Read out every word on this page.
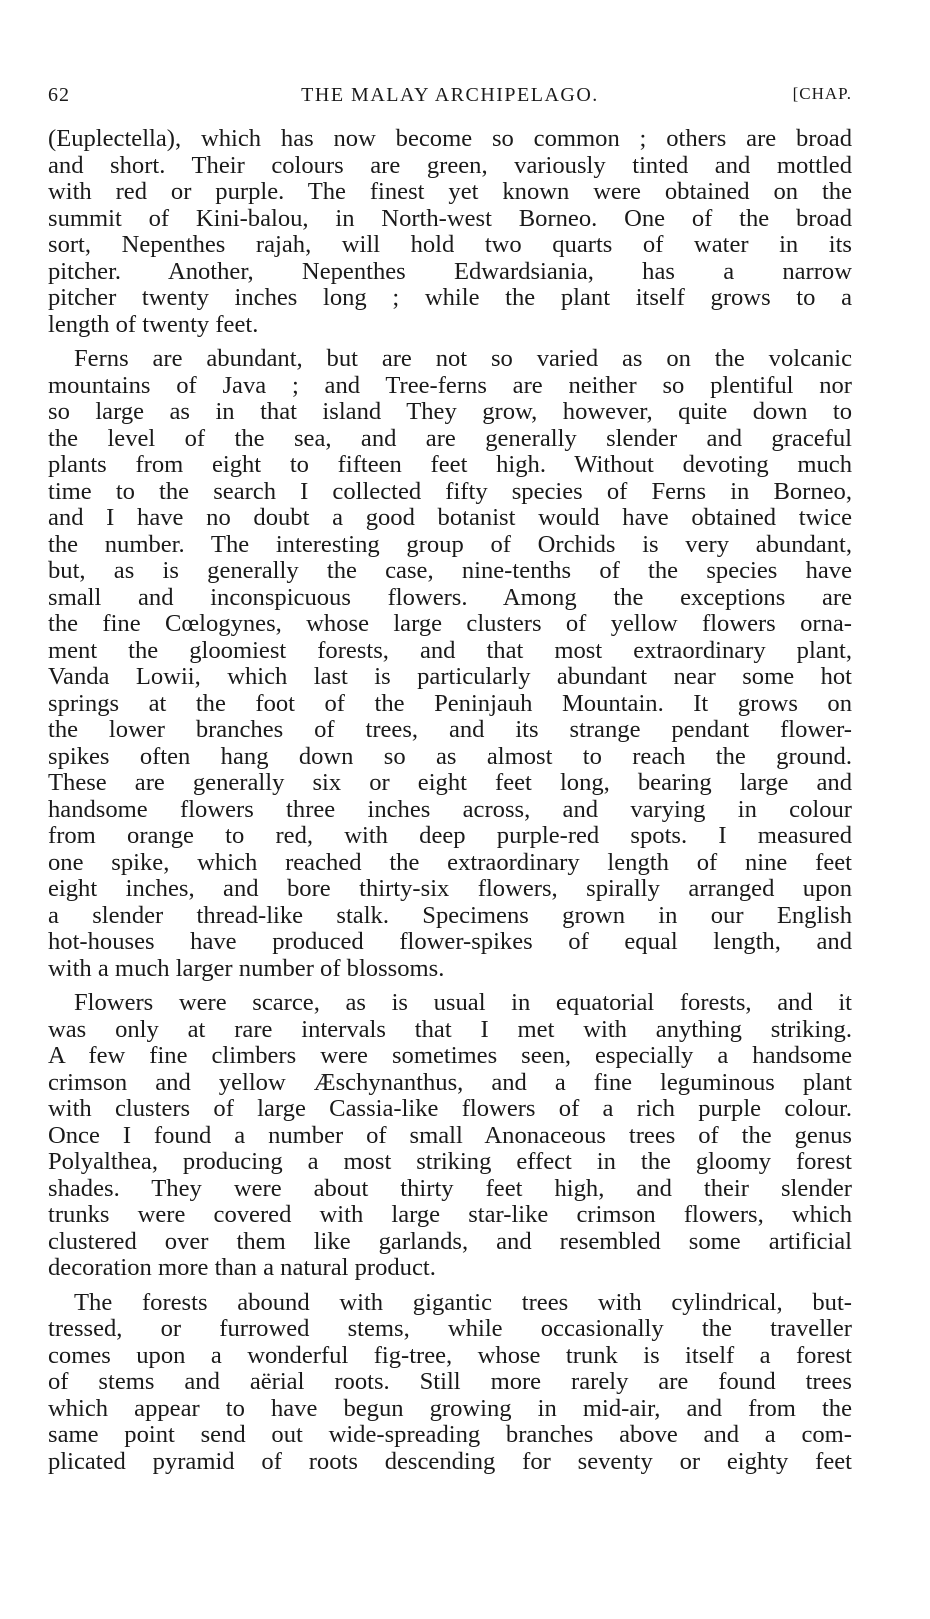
62	THE MALAY ARCHIPELAGO.	[CHAP.
(Euplectella), which has now become so common ; others are broad
and short. Their colours are green, variously tinted and mottled
with red or purple. The finest yet known were obtained on the
summit of Kini-balou, in North-west Borneo. One of the broad
sort, Nepenthes rajah, will hold two quarts of water in its
pitcher. Another, Nepenthes Edwardsiania, has a narrow
pitcher twenty inches long ; while the plant itself grows to a
length of twenty feet.
Ferns are abundant, but are not so varied as on the volcanic
mountains of Java ; and Tree-ferns are neither so plentiful nor
so large as in that island They grow, however, quite down to
the level of the sea, and are generally slender and graceful
plants from eight to fifteen feet high. Without devoting much
time to the search I collected fifty species of Ferns in Borneo,
and I have no doubt a good botanist would have obtained twice
the number. The interesting group of Orchids is very abundant,
but, as is generally the case, nine-tenths of the species have
small and inconspicuous flowers. Among the exceptions are
the fine Cœlogynes, whose large clusters of yellow flowers orna-
ment the gloomiest forests, and that most extraordinary plant,
Vanda Lowii, which last is particularly abundant near some hot
springs at the foot of the Peninjauh Mountain. It grows on
the lower branches of trees, and its strange pendant flower-
spikes often hang down so as almost to reach the ground.
These are generally six or eight feet long, bearing large and
handsome flowers three inches across, and varying in colour
from orange to red, with deep purple-red spots. I measured
one spike, which reached the extraordinary length of nine feet
eight inches, and bore thirty-six flowers, spirally arranged upon
a slender thread-like stalk. Specimens grown in our English
hot-houses have produced flower-spikes of equal length, and
with a much larger number of blossoms.
Flowers were scarce, as is usual in equatorial forests, and it
was only at rare intervals that I met with anything striking.
A few fine climbers were sometimes seen, especially a handsome
crimson and yellow Æschynanthus, and a fine leguminous plant
with clusters of large Cassia-like flowers of a rich purple colour.
Once I found a number of small Anonaceous trees of the genus
Polyalthea, producing a most striking effect in the gloomy forest
shades. They were about thirty feet high, and their slender
trunks were covered with large star-like crimson flowers, which
clustered over them like garlands, and resembled some artificial
decoration more than a natural product.
The forests abound with gigantic trees with cylindrical, but-
tressed, or furrowed stems, while occasionally the traveller
comes upon a wonderful fig-tree, whose trunk is itself a forest
of stems and aërial roots. Still more rarely are found trees
which appear to have begun growing in mid-air, and from the
same point send out wide-spreading branches above and a com-
plicated pyramid of roots descending for seventy or eighty feet
